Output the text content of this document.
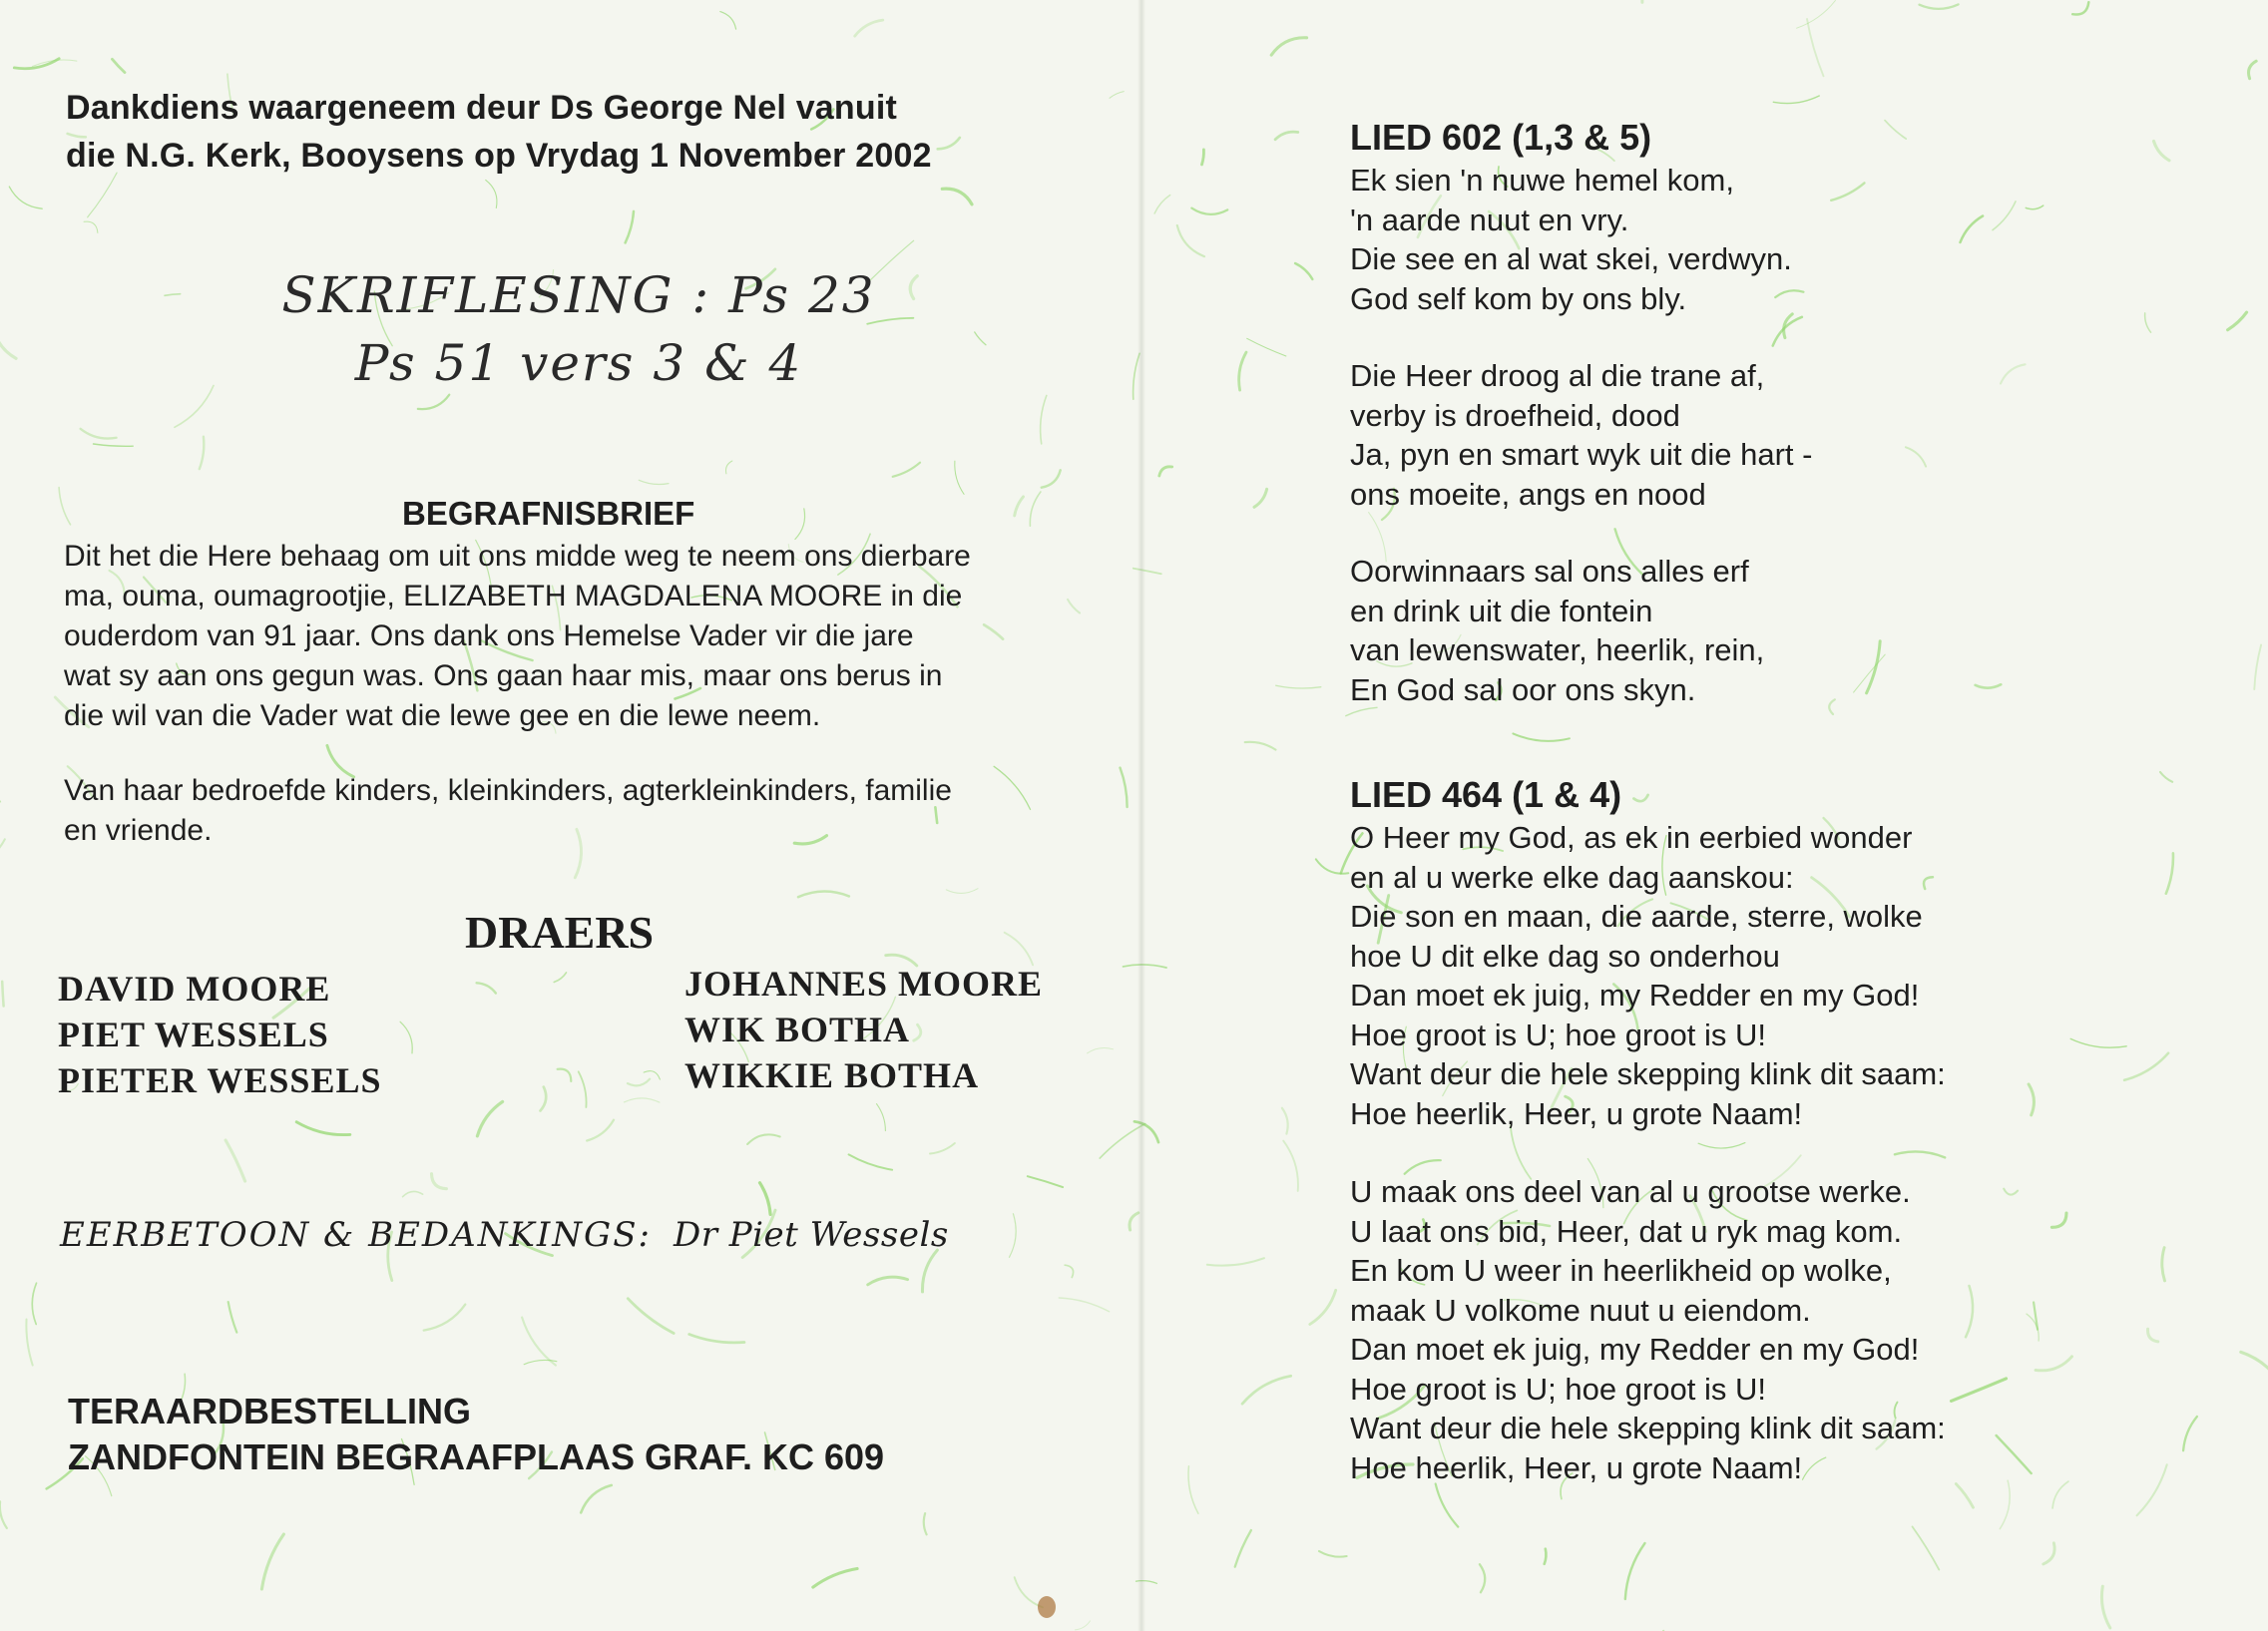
Dankdiens waargeneem deur Ds George Nel vanuit
die N.G. Kerk, Booysens op Vrydag 1 November 2002
SKRIFLESING : Ps 23
Ps 51 vers 3 & 4
BEGRAFNISBRIEF

Dit het die Here behaag om uit ons midde weg te neem ons dierbare

ma, ouma, oumagrootjie, ELIZABETH MAGDALENA MOORE in die

ouderdom van 91 jaar. Ons dank ons Hemelse Vader vir die jare

wat sy aan ons gegun was. Ons gaan haar mis, maar ons berus in

die wil van die Vader wat die lewe gee en die lewe neem.

Van haar bedroefde kinders, kleinkinders, agterkleinkinders, familie

en vriende.

DRAERS
DAVID MOORE
PIET WESSELS
PIETER WESSELS
JOHANNES MOORE
WIK BOTHA
WIKKIE BOTHA
EERBETOON & BEDANKINGS: Dr Piet Wessels
TERAARDBESTELLING
ZANDFONTEIN BEGRAAFPLAAS GRAF. KC 609
LIED 602 (1,3 & 5)

Ek sien 'n nuwe hemel kom,

'n aarde nuut en vry.

Die see en al wat skei, verdwyn.

God self kom by ons bly.

Die Heer droog al die trane af,

verby is droefheid, dood

Ja, pyn en smart wyk uit die hart -

ons moeite, angs en nood

Oorwinnaars sal ons alles erf

en drink uit die fontein

van lewenswater, heerlik, rein,

En God sal oor ons skyn.

LIED 464 (1 & 4)

O Heer my God, as ek in eerbied wonder

en al u werke elke dag aanskou:

Die son en maan, die aarde, sterre, wolke

hoe U dit elke dag so onderhou

Dan moet ek juig, my Redder en my God!

Hoe groot is U; hoe groot is U!

Want deur die hele skepping klink dit saam:

Hoe heerlik, Heer, u grote Naam!

U maak ons deel van al u grootse werke.

U laat ons bid, Heer, dat u ryk mag kom.

En kom U weer in heerlikheid op wolke,

maak U volkome nuut u eiendom.

Dan moet ek juig, my Redder en my God!

Hoe groot is U; hoe groot is U!

Want deur die hele skepping klink dit saam:

Hoe heerlik, Heer, u grote Naam!
